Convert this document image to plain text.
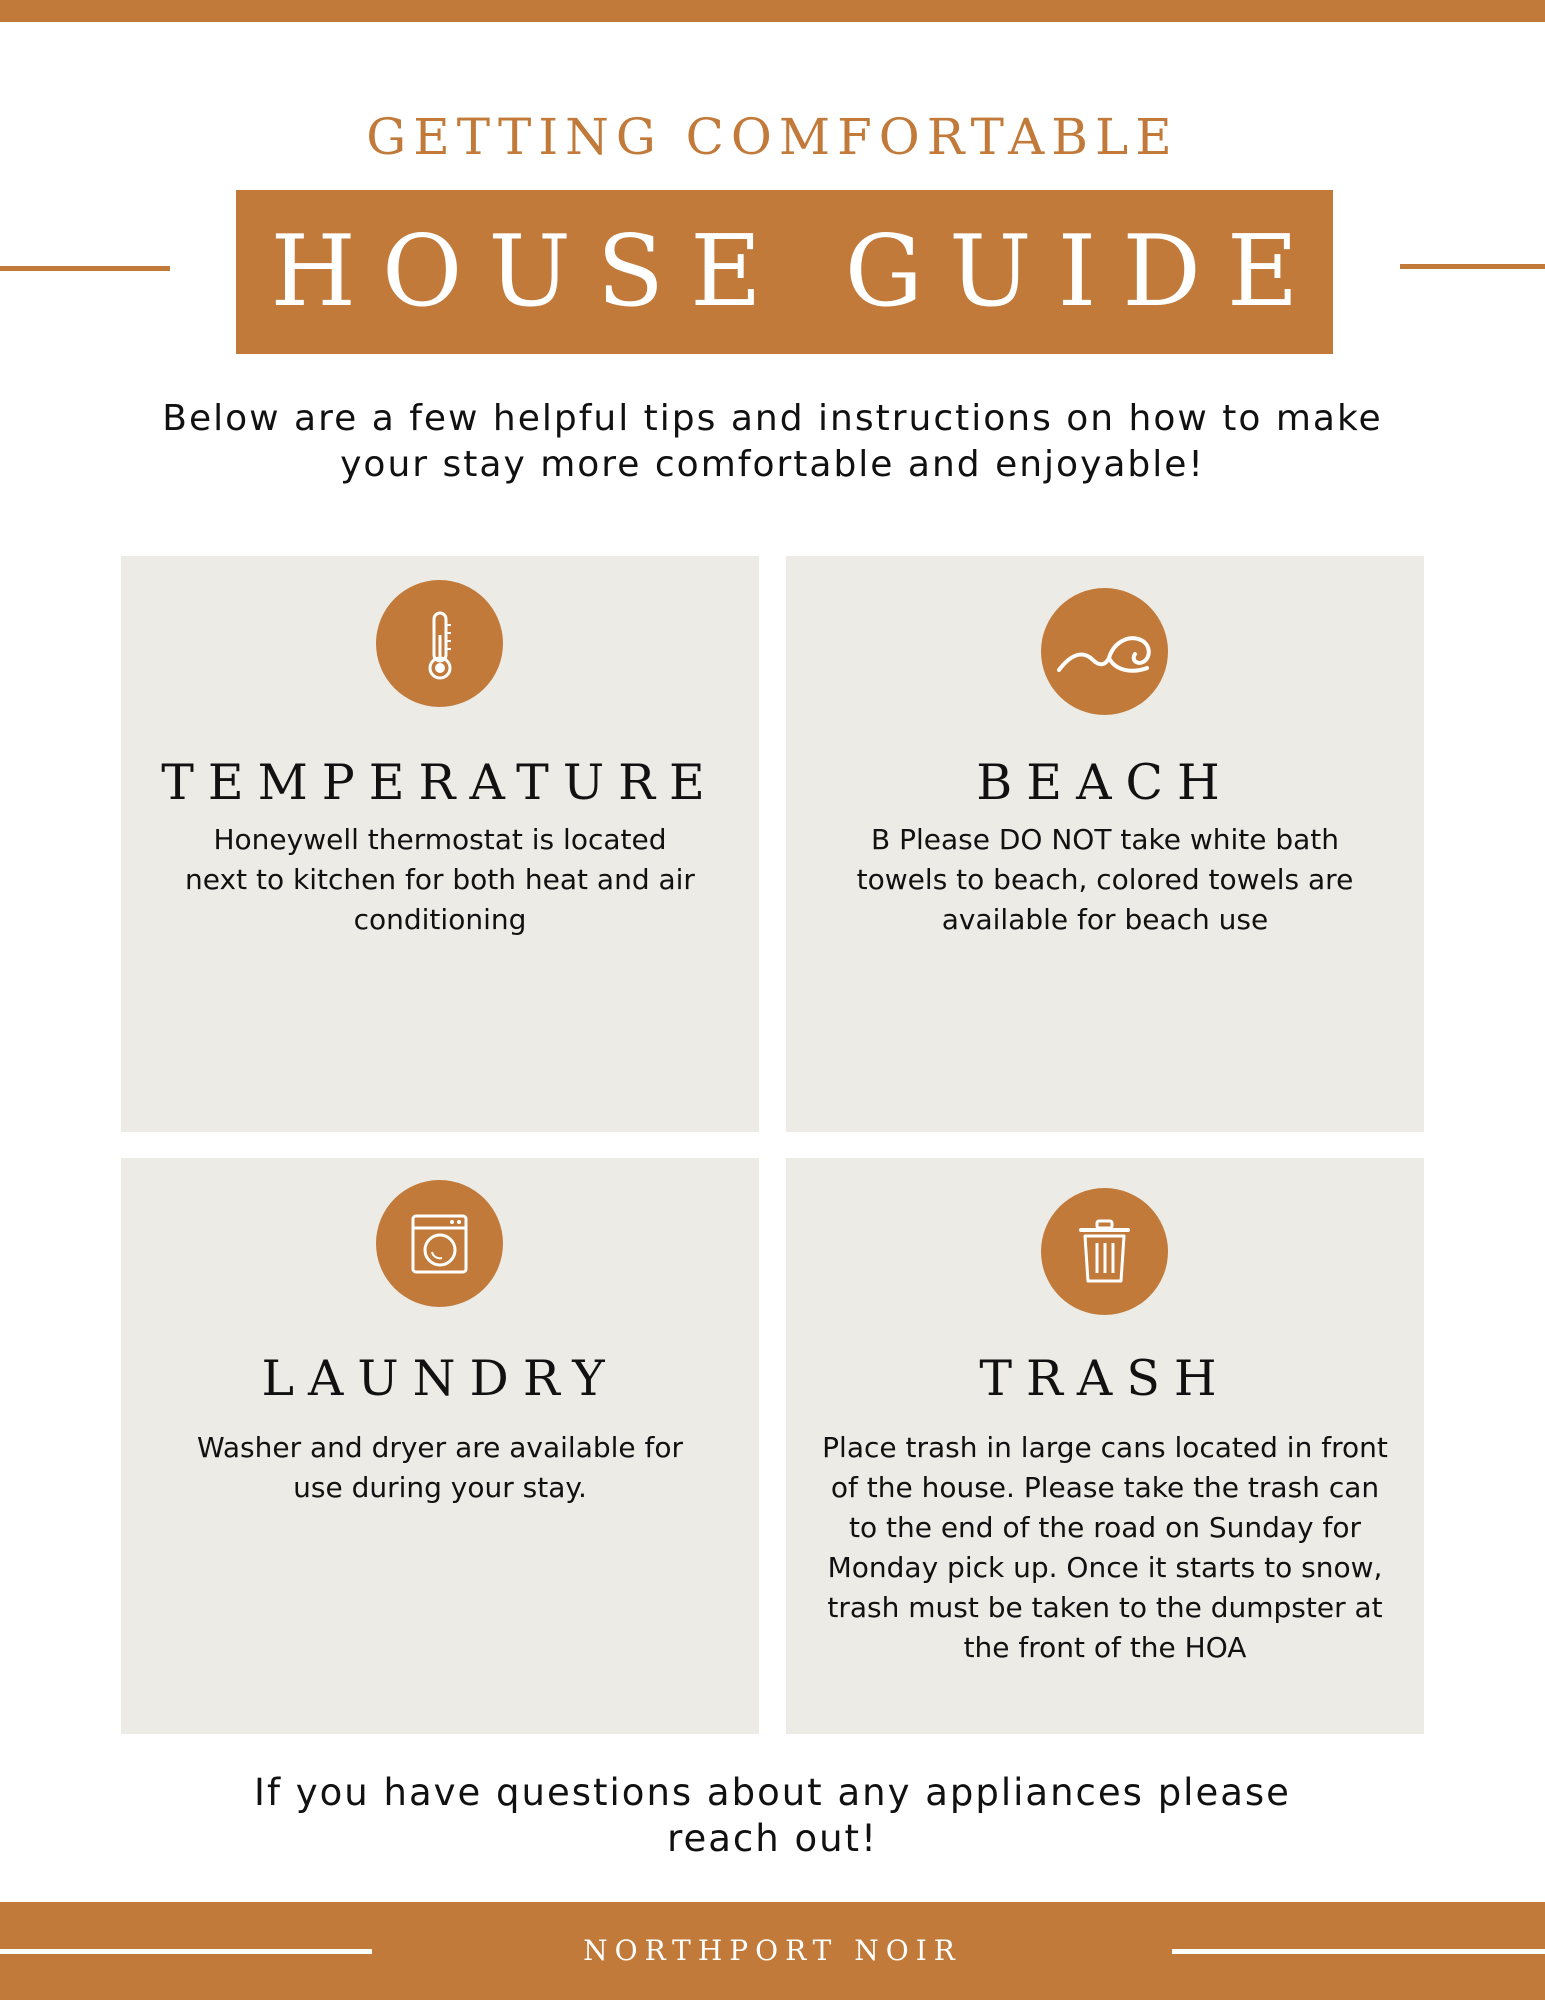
GETTING COMFORTABLE
HOUSE GUIDE
Below are a few helpful tips and instructions on how to make your stay more comfortable and enjoyable!
TEMPERATURE
Honeywell thermostat is located next to kitchen for both heat and air conditioning
BEACH
B Please DO NOT take white bath towels to beach, colored towels are available for beach use
LAUNDRY
Washer and dryer are available for use during your stay.
TRASH
Place trash in large cans located in front of the house. Please take the trash can to the end of the road on Sunday for Monday pick up. Once it starts to snow, trash must be taken to the dumpster at the front of the HOA
If you have questions about any appliances please reach out!
NORTHPORT NOIR
